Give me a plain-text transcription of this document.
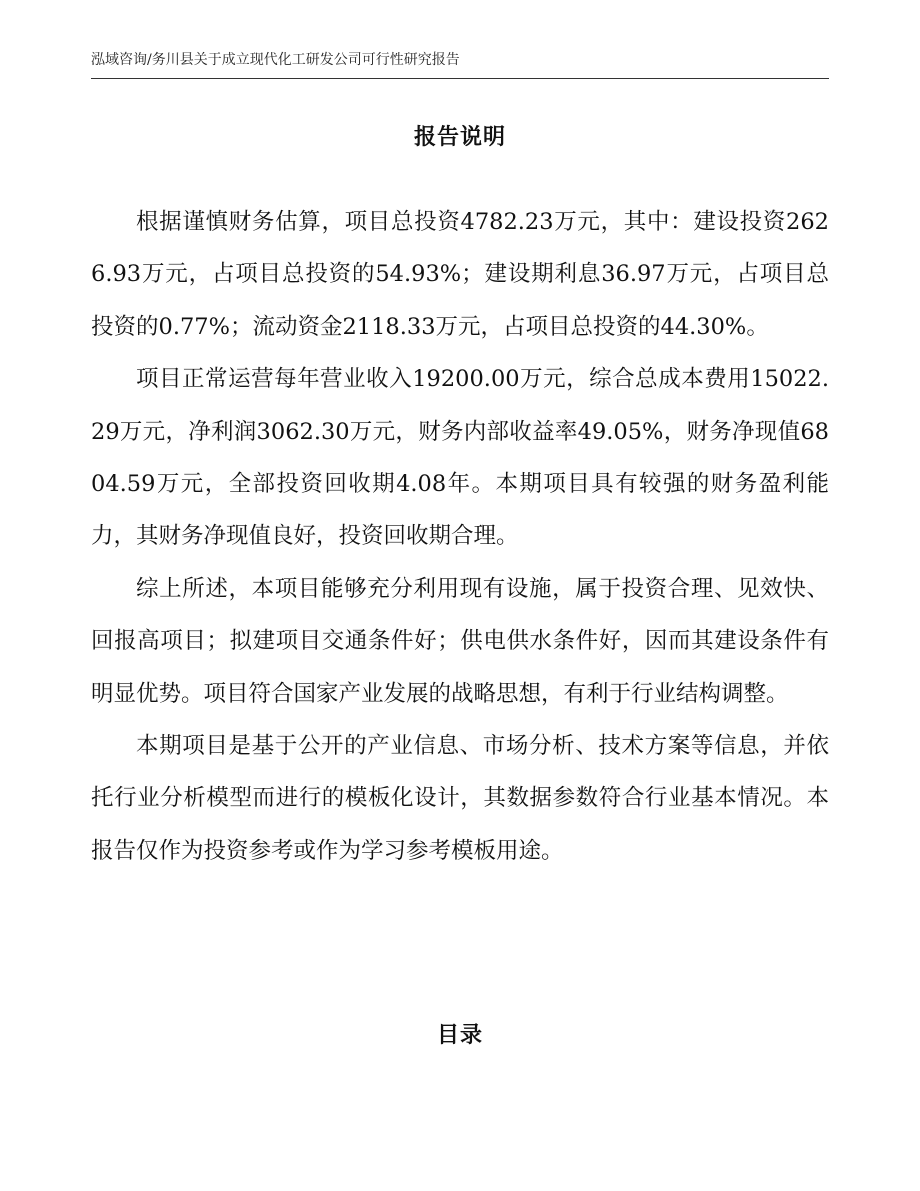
泓域咨询/务川县关于成立现代化工研发公司可行性研究报告
报告说明

根据谨慎财务估算，项目总投资4782.23万元，其中：建设投资2626.93万元，占项目总投资的54.93%；建设期利息36.97万元，占项目总投资的0.77%；流动资金2118.33万元，占项目总投资的44.30%。

项目正常运营每年营业收入19200.00万元，综合总成本费用15022.29万元，净利润3062.30万元，财务内部收益率49.05%，财务净现值6804.59万元，全部投资回收期4.08年。本期项目具有较强的财务盈利能力，其财务净现值良好，投资回收期合理。

综上所述，本项目能够充分利用现有设施，属于投资合理、见效快、回报高项目；拟建项目交通条件好；供电供水条件好，因而其建设条件有明显优势。项目符合国家产业发展的战略思想，有利于行业结构调整。

本期项目是基于公开的产业信息、市场分析、技术方案等信息，并依托行业分析模型而进行的模板化设计，其数据参数符合行业基本情况。本报告仅作为投资参考或作为学习参考模板用途。

目录
